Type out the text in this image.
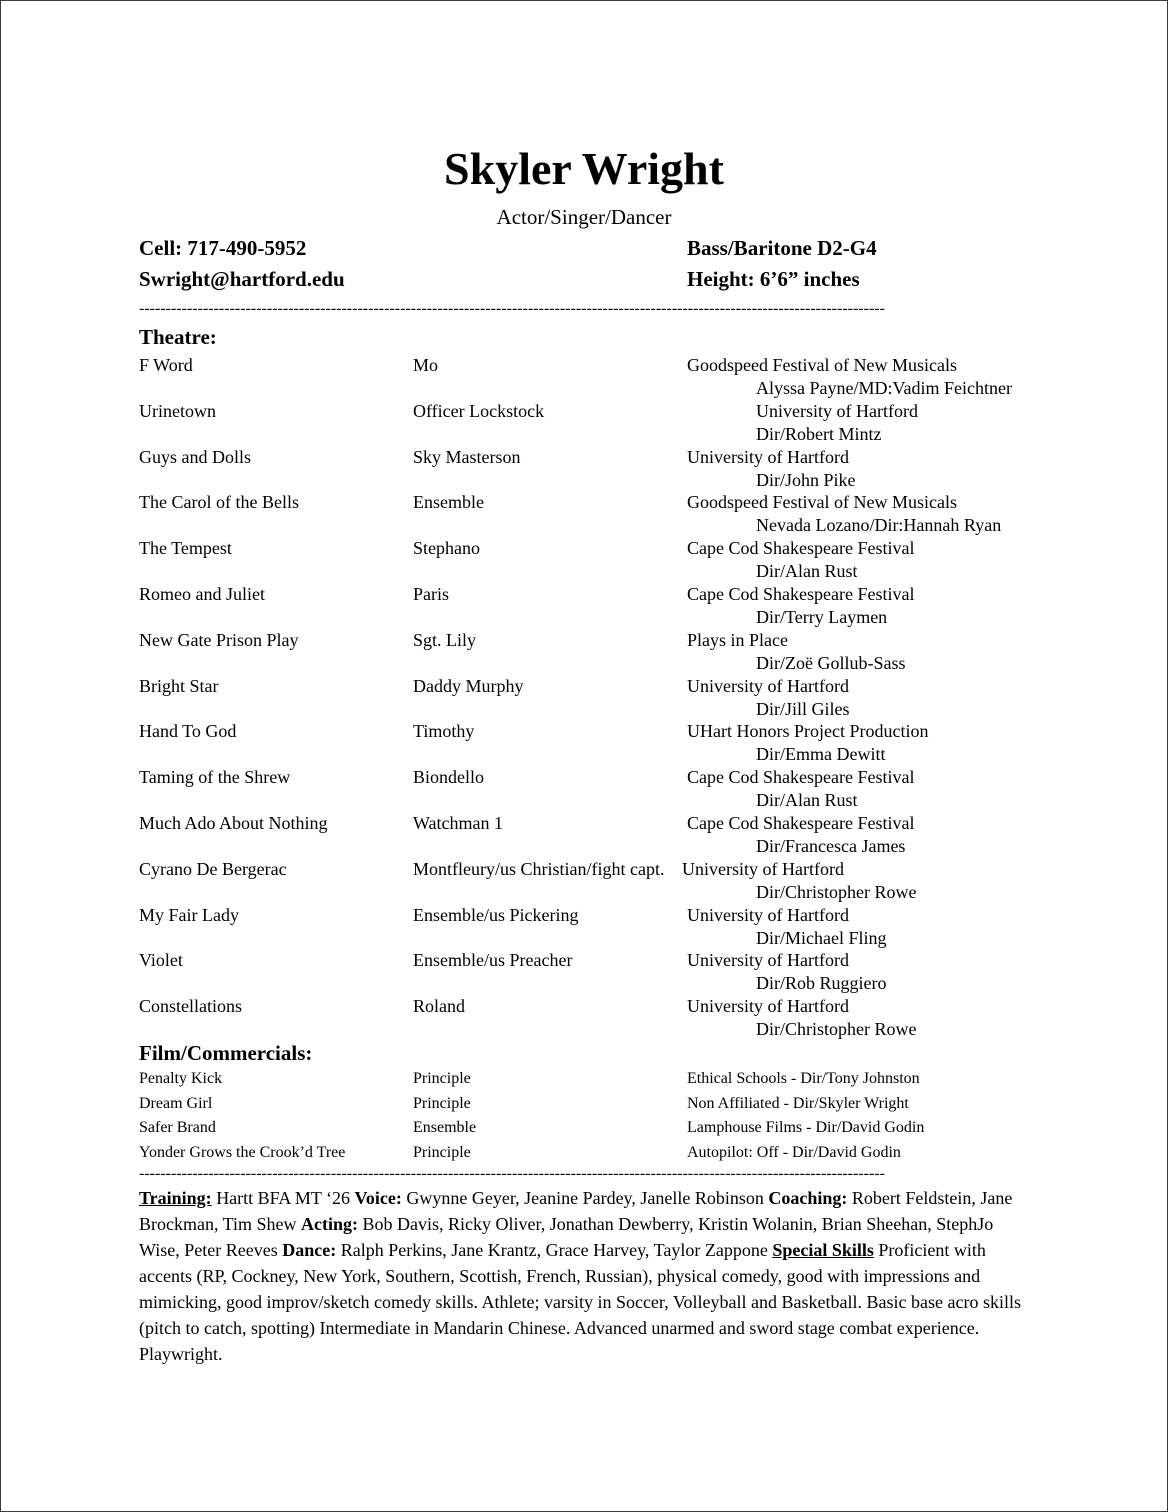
Skyler Wright
Actor/Singer/Dancer
Cell: 717-490-5952
Swright@hartford.edu
Bass/Baritone D2-G4
Height: 6’6” inches
--------------------------------------------------------------------------------------------------------------------------------------------
Theatre:
F Word	Mo	Goodspeed Festival of New Musicals
Alyssa Payne/MD:Vadim Feichtner
Urinetown	Officer Lockstock	University of Hartford
Dir/Robert Mintz
Guys and Dolls	Sky Masterson	University of Hartford
Dir/John Pike
The Carol of the Bells	Ensemble	Goodspeed Festival of New Musicals
Nevada Lozano/Dir:Hannah Ryan
The Tempest	Stephano	Cape Cod Shakespeare Festival
Dir/Alan Rust
Romeo and Juliet	Paris	Cape Cod Shakespeare Festival
Dir/Terry Laymen
New Gate Prison Play	Sgt. Lily	Plays in Place
Dir/Zoë Gollub-Sass
Bright Star	Daddy Murphy	University of Hartford
Dir/Jill Giles
Hand To God	Timothy	UHart Honors Project Production
Dir/Emma Dewitt
Taming of the Shrew	Biondello	Cape Cod Shakespeare Festival
Dir/Alan Rust
Much Ado About Nothing	Watchman 1	Cape Cod Shakespeare Festival
Dir/Francesca James
Cyrano De Bergerac	Montfleury/us Christian/fight capt. University of Hartford
Dir/Christopher Rowe
My Fair Lady	Ensemble/us Pickering	University of Hartford
Dir/Michael Fling
Violet	Ensemble/us Preacher	University of Hartford
Dir/Rob Ruggiero
Constellations	Roland	University of Hartford
Dir/Christopher Rowe
Film/Commercials:
Penalty Kick	Principle	Ethical Schools - Dir/Tony Johnston
Dream Girl	Principle	Non Affiliated - Dir/Skyler Wright
Safer Brand	Ensemble	Lamphouse Films - Dir/David Godin
Yonder Grows the Crook’d Tree	Principle	Autopilot: Off - Dir/David Godin
--------------------------------------------------------------------------------------------------------------------------------------------
Training: Hartt BFA MT ‘26 Voice: Gwynne Geyer, Jeanine Pardey, Janelle Robinson Coaching: Robert Feldstein, Jane Brockman, Tim Shew Acting: Bob Davis, Ricky Oliver, Jonathan Dewberry, Kristin Wolanin, Brian Sheehan, StephJo Wise, Peter Reeves Dance: Ralph Perkins, Jane Krantz, Grace Harvey, Taylor Zappone Special Skills Proficient with accents (RP, Cockney, New York, Southern, Scottish, French, Russian), physical comedy, good with impressions and mimicking, good improv/sketch comedy skills. Athlete; varsity in Soccer, Volleyball and Basketball. Basic base acro skills (pitch to catch, spotting) Intermediate in Mandarin Chinese. Advanced unarmed and sword stage combat experience. Playwright.
